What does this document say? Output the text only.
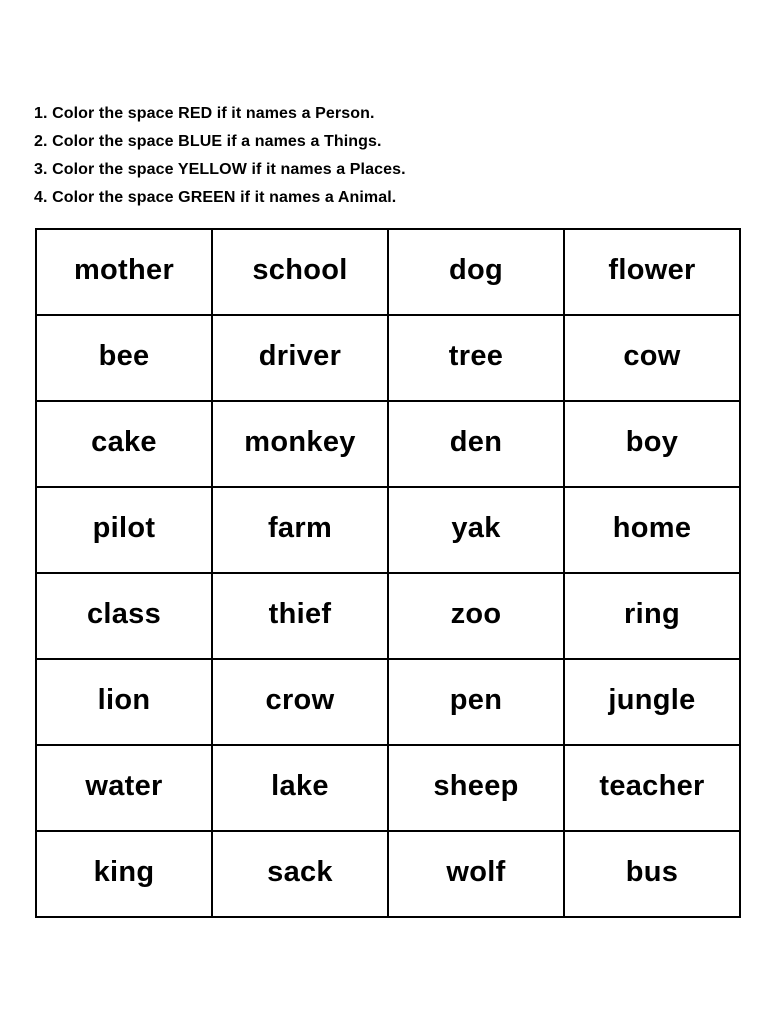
1. Color the space RED if it names a Person.
2. Color the space BLUE if a names a Things.
3. Color the space YELLOW if it names a Places.
4. Color the space GREEN if it names a Animal.
mother	school	dog	flower
bee	driver	tree	cow
cake	monkey	den	boy
pilot	farm	yak	home
class	thief	zoo	ring
lion	crow	pen	jungle
water	lake	sheep	teacher
king	sack	wolf	bus
